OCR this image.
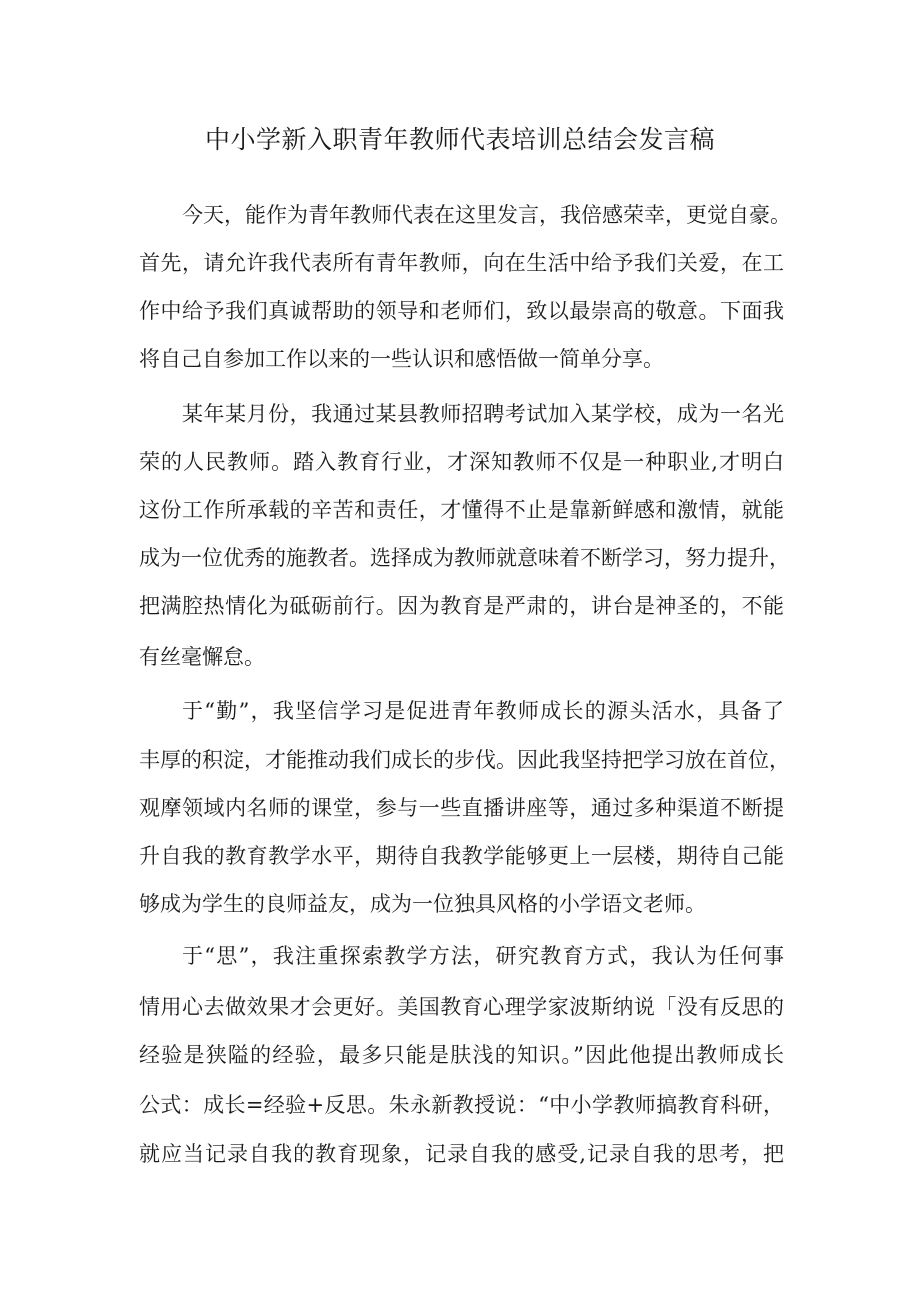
中小学新入职青年教师代表培训总结会发言稿

今天，能作为青年教师代表在这里发言，我倍感荣幸，更觉自豪。

首先，请允许我代表所有青年教师，向在生活中给予我们关爱，在工

作中给予我们真诚帮助的领导和老师们，致以最崇高的敬意。下面我

将自己自参加工作以来的一些认识和感悟做一简单分享。

某年某月份，我通过某县教师招聘考试加入某学校，成为一名光

荣的人民教师。踏入教育行业，才深知教师不仅是一种职业,才明白

这份工作所承载的辛苦和责任，才懂得不止是靠新鲜感和激情，就能

成为一位优秀的施教者。选择成为教师就意味着不断学习，努力提升，

把满腔热情化为砥砺前行。因为教育是严肃的，讲台是神圣的，不能

有丝毫懈怠。

于“勤”，我坚信学习是促进青年教师成长的源头活水，具备了

丰厚的积淀，才能推动我们成长的步伐。因此我坚持把学习放在首位，

观摩领域内名师的课堂，参与一些直播讲座等，通过多种渠道不断提

升自我的教育教学水平，期待自我教学能够更上一层楼，期待自己能

够成为学生的良师益友，成为一位独具风格的小学语文老师。

于“思”，我注重探索教学方法，研究教育方式，我认为任何事

情用心去做效果才会更好。美国教育心理学家波斯纳说「没有反思的

经验是狭隘的经验，最多只能是肤浅的知识。”因此他提出教师成长

公式：成长=经验+反思。朱永新教授说：“中小学教师搞教育科研，

就应当记录自我的教育现象，记录自我的感受,记录自我的思考，把
